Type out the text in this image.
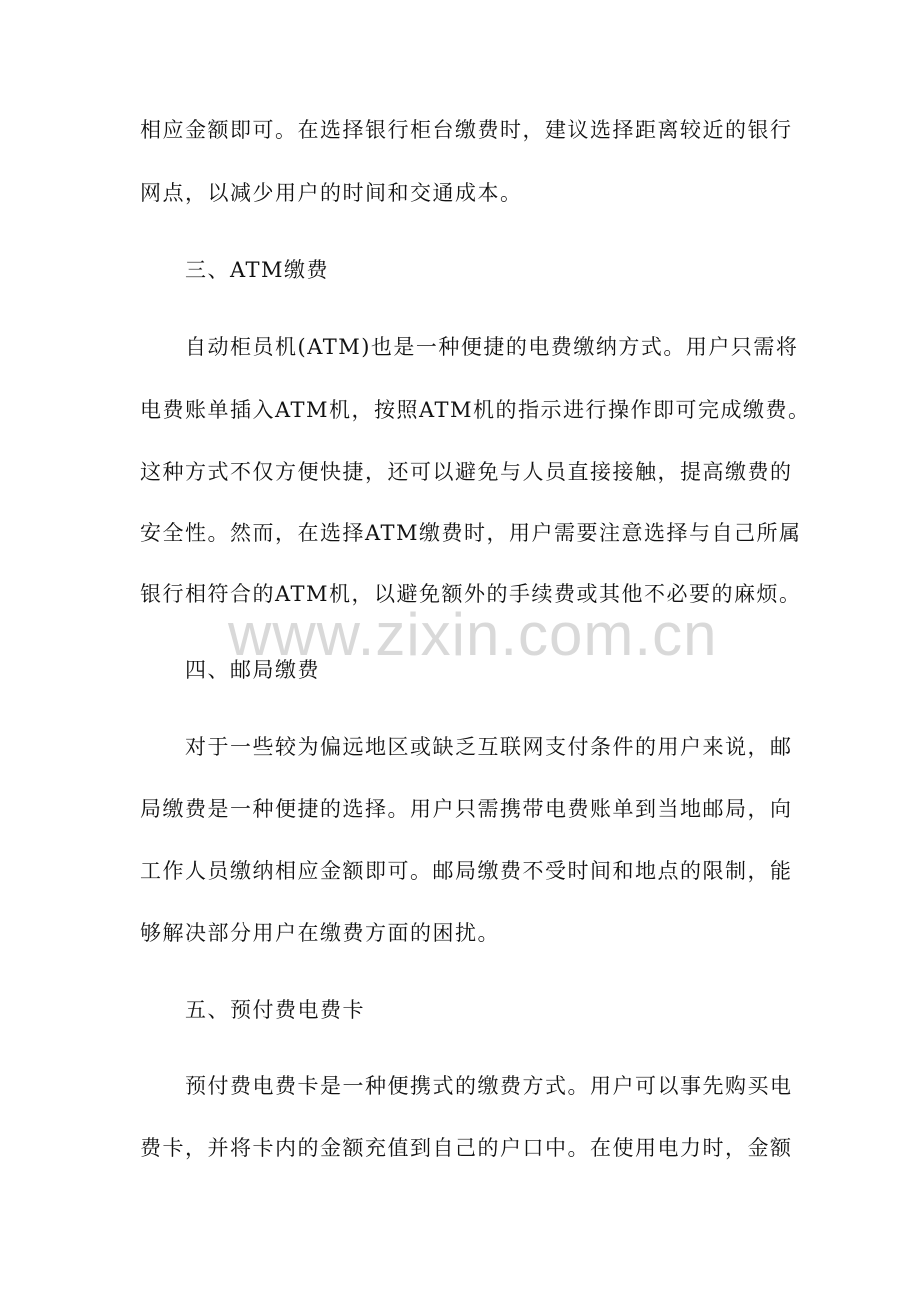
www.zixin.com.cn
相应金额即可。在选择银行柜台缴费时，建议选择距离较近的银行
网点，以减少用户的时间和交通成本。
三、ATM缴费
自动柜员机(ATM)也是一种便捷的电费缴纳方式。用户只需将
电费账单插入ATM机，按照ATM机的指示进行操作即可完成缴费。
这种方式不仅方便快捷，还可以避免与人员直接接触，提高缴费的
安全性。然而，在选择ATM缴费时，用户需要注意选择与自己所属
银行相符合的ATM机，以避免额外的手续费或其他不必要的麻烦。
四、邮局缴费
对于一些较为偏远地区或缺乏互联网支付条件的用户来说，邮
局缴费是一种便捷的选择。用户只需携带电费账单到当地邮局，向
工作人员缴纳相应金额即可。邮局缴费不受时间和地点的限制，能
够解决部分用户在缴费方面的困扰。
五、预付费电费卡
预付费电费卡是一种便携式的缴费方式。用户可以事先购买电
费卡，并将卡内的金额充值到自己的户口中。在使用电力时，金额
